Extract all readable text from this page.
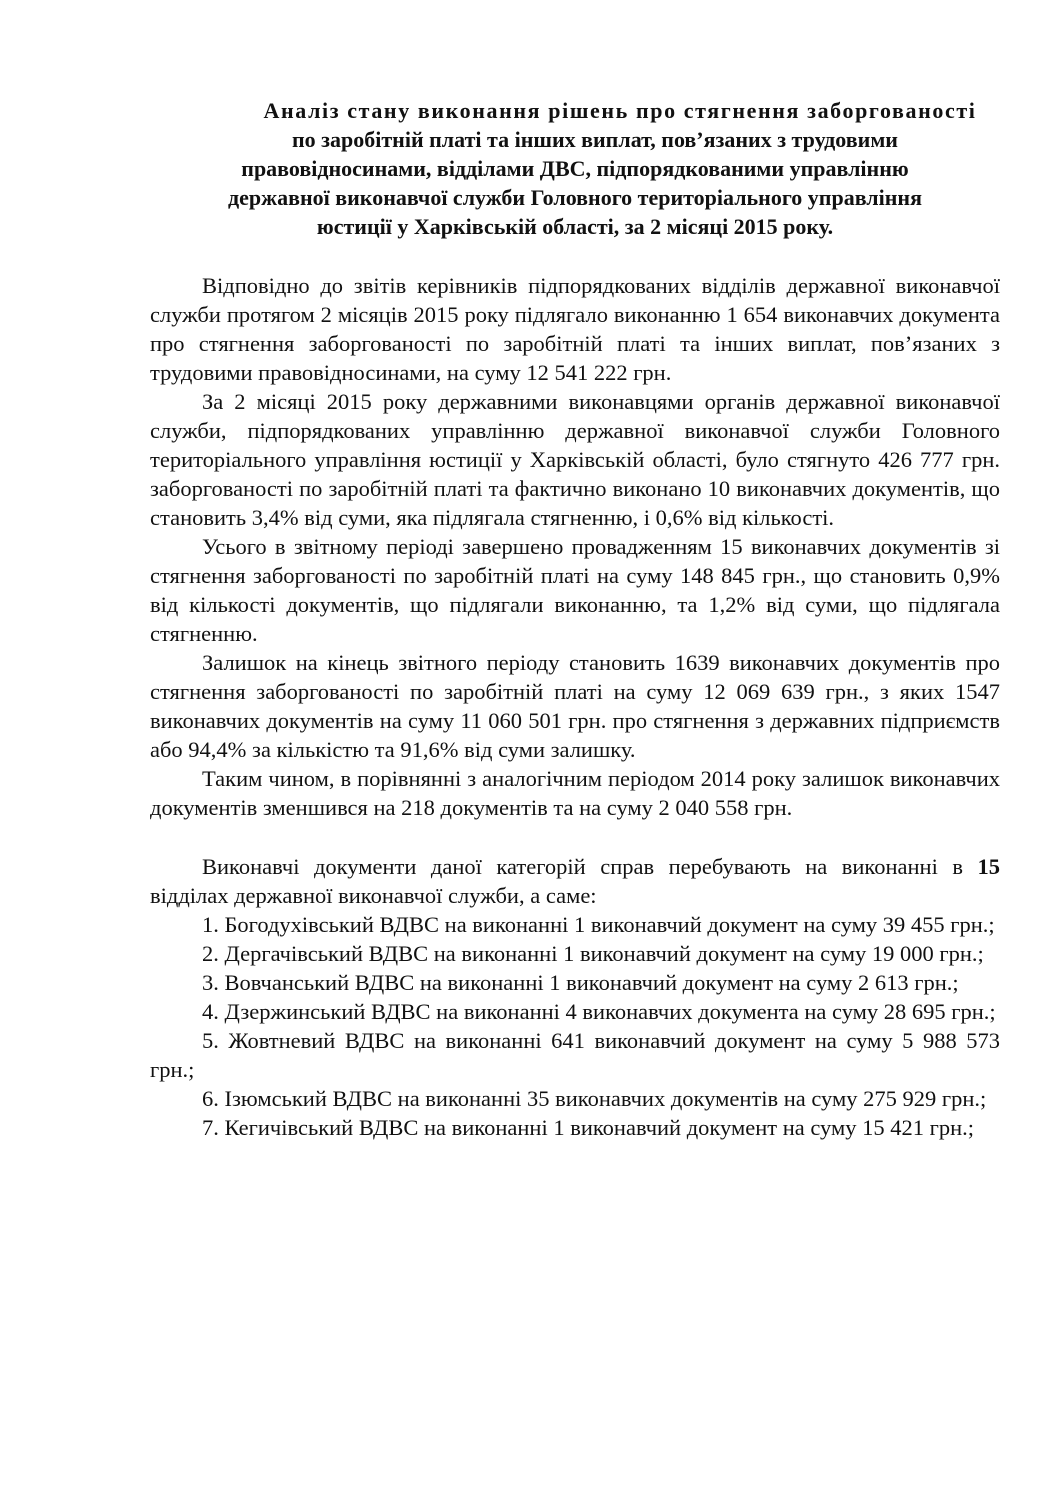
Аналіз стану виконання рішень про стягнення заборгованості
по заробітній платі та інших виплат, пов’язаних з трудовими
правовідносинами, відділами ДВС, підпорядкованими управлінню
державної виконавчої служби Головного територіального управління
юстиції у Харківській області, за 2 місяці 2015 року.

Відповідно до звітів керівників підпорядкованих відділів державної виконавчої служби протягом 2 місяців 2015 року підлягало виконанню 1 654 виконавчих документа про стягнення заборгованості по заробітній платі та інших виплат, пов’язаних з трудовими правовідносинами, на суму 12 541 222 грн.

За 2 місяці 2015 року державними виконавцями органів державної виконавчої служби, підпорядкованих управлінню державної виконавчої служби Головного територіального управління юстиції у Харківській області, було стягнуто 426 777 грн. заборгованості по заробітній платі та фактично виконано 10 виконавчих документів, що становить 3,4% від суми, яка підлягала стягненню, і 0,6% від кількості.

Усього в звітному періоді завершено провадженням 15 виконавчих документів зі стягнення заборгованості по заробітній платі на суму 148 845 грн., що становить 0,9% від кількості документів, що підлягали виконанню, та 1,2% від суми, що підлягала стягненню.

Залишок на кінець звітного періоду становить 1639 виконавчих документів про стягнення заборгованості по заробітній платі на суму 12 069 639 грн., з яких 1547 виконавчих документів на суму 11 060 501 грн. про стягнення з державних підприємств або 94,4% за кількістю та 91,6% від суми залишку.

Таким чином, в порівнянні з аналогічним періодом 2014 року залишок виконавчих документів зменшився на 218 документів та на суму 2 040 558 грн.

Виконавчі документи даної категорій справ перебувають на виконанні в 15 відділах державної виконавчої служби, а саме:

1. Богодухівський ВДВС на виконанні 1 виконавчий документ на суму 39 455 грн.;

2. Дергачівський ВДВС на виконанні 1 виконавчий документ на суму 19 000 грн.;

3. Вовчанський ВДВС на виконанні 1 виконавчий документ на суму 2 613 грн.;

4. Дзержинський ВДВС на виконанні 4 виконавчих документа на суму 28 695 грн.;

5. Жовтневий ВДВС на виконанні 641 виконавчий документ на суму 5 988 573 грн.;

6. Ізюмський ВДВС на виконанні 35 виконавчих документів на суму 275 929 грн.;

7. Кегичівський ВДВС на виконанні 1 виконавчий документ на суму 15 421 грн.;
